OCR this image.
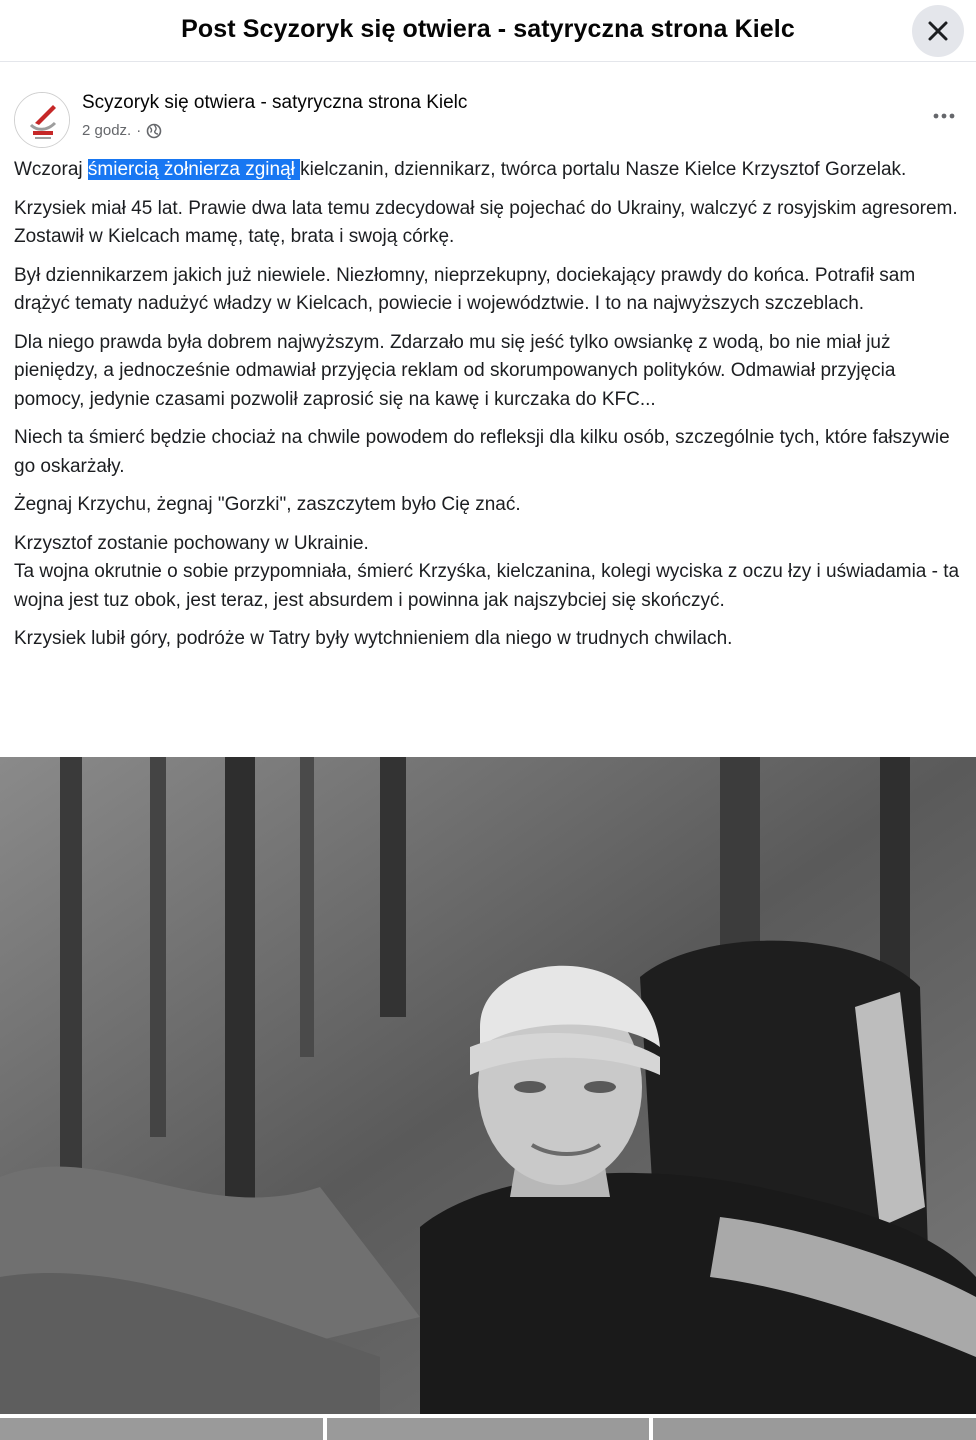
Post Scyzoryk się otwiera - satyryczna strona Kielc
Scyzoryk się otwiera - satyryczna strona Kielc
2 godz. ·

Wczoraj śmiercią żołnierza zginął kielczanin, dziennikarz, twórca portalu Nasze Kielce Krzysztof Gorzelak.

Krzysiek miał 45 lat. Prawie dwa lata temu zdecydował się pojechać do Ukrainy, walczyć z rosyjskim agresorem.
Zostawił w Kielcach mamę, tatę, brata i swoją córkę.

Był dziennikarzem jakich już niewiele. Niezłomny, nieprzekupny, dociekający prawdy do końca. Potrafił sam drążyć tematy nadużyć władzy w Kielcach, powiecie i województwie. I to na najwyższych szczeblach.

Dla niego prawda była dobrem najwyższym. Zdarzało mu się jeść tylko owsiankę z wodą, bo nie miał już pieniędzy, a jednocześnie odmawiał przyjęcia reklam od skorumpowanych polityków. Odmawiał przyjęcia pomocy, jedynie czasami pozwolił zaprosić się na kawę i kurczaka do KFC...

Niech ta śmierć będzie chociaż na chwile powodem do refleksji dla kilku osób, szczególnie tych, które fałszywie go oskarżały.

Żegnaj Krzychu, żegnaj "Gorzki", zaszczytem było Cię znać.

Krzysztof zostanie pochowany w Ukrainie.
Ta wojna okrutnie o sobie przypomniała, śmierć Krzyśka, kielczanina, kolegi wyciska z oczu łzy i uświadamia - ta wojna jest tuz obok, jest teraz, jest absurdem i powinna jak najszybciej się skończyć.

Krzysiek lubił góry, podróże w Tatry były wytchnieniem dla niego w trudnych chwilach.
